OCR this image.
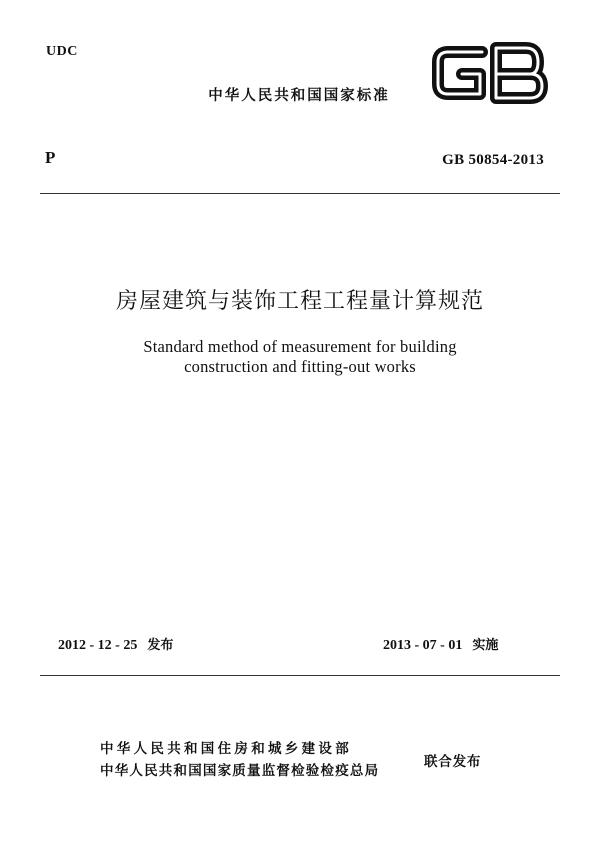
UDC
中华人民共和国国家标准
P	GB 50854-2013
房屋建筑与装饰工程工程量计算规范
Standard method of measurement for building
construction and fitting-out works
2012 - 12 - 25 发布	2013 - 07 - 01 实施
中华人民共和国住房和城乡建设部
中华人民共和国国家质量监督检验检疫总局
联合发布
